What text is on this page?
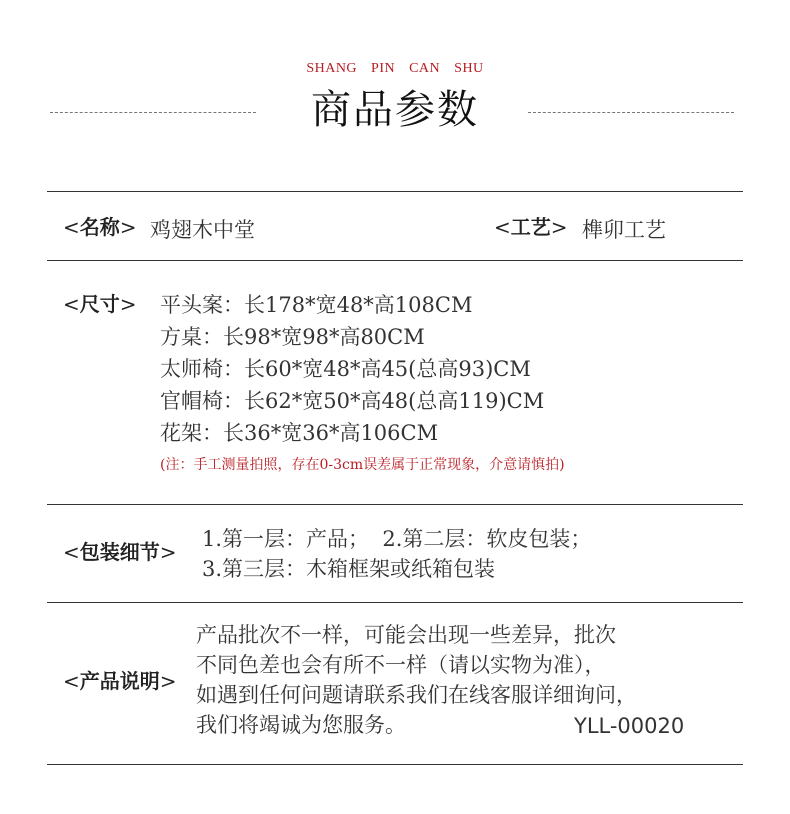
SHANG PIN CAN SHU
商品参数
<名称> 鸡翅木中堂	<工艺> 榫卯工艺
<尺寸> 平头案：长178*宽48*高108CM
方桌：长98*宽98*高80CM
太师椅：长60*宽48*高45(总高93)CM
官帽椅：长62*宽50*高48(总高119)CM
花架：长36*宽36*高106CM
(注：手工测量拍照，存在0-3cm误差属于正常现象，介意请慎拍)
<包装细节>
1.第一层：产品；  2.第二层：软皮包装；
3.第三层：木箱框架或纸箱包装
<产品说明>
产品批次不一样，可能会出现一些差异，批次
不同色差也会有所不一样（请以实物为准），
如遇到任何问题请联系我们在线客服详细询问，
我们将竭诚为您服务。	YLL-00020
